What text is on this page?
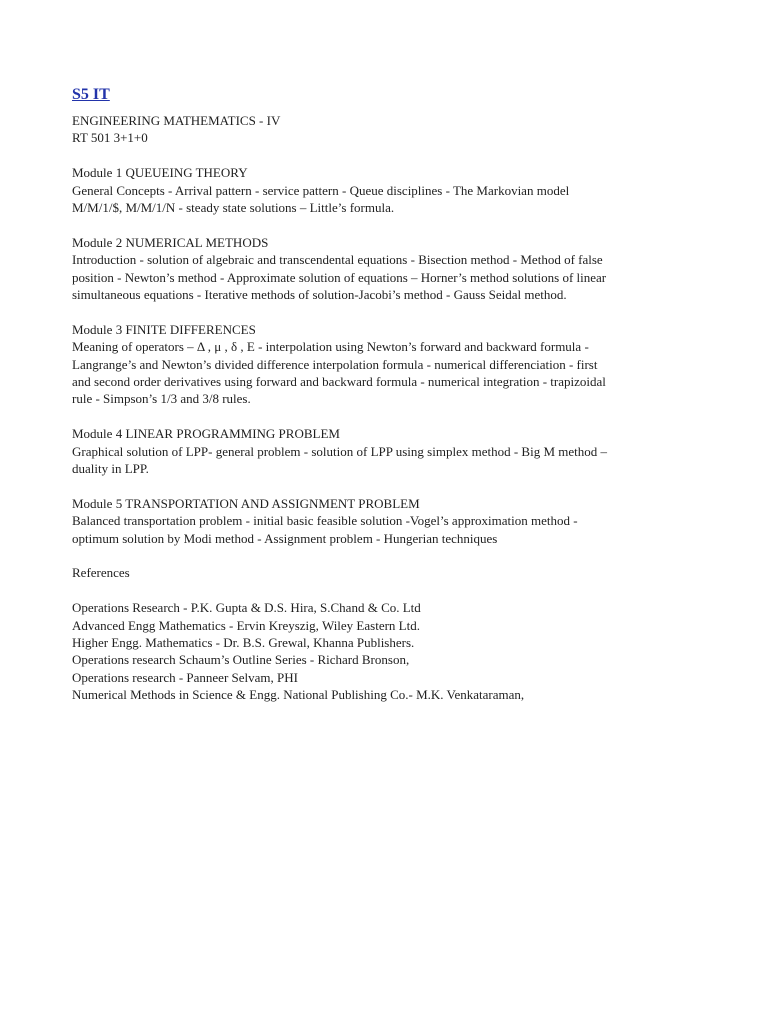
S5 IT
ENGINEERING MATHEMATICS - IV
RT 501 3+1+0
Module 1 QUEUEING THEORY
General Concepts - Arrival pattern - service pattern - Queue disciplines - The Markovian model
M/M/1/$, M/M/1/N - steady state solutions – Little’s formula.
Module 2 NUMERICAL METHODS
Introduction - solution of algebraic and transcendental equations - Bisection method - Method of false
position - Newton’s method - Approximate solution of equations – Horner’s method solutions of linear
simultaneous equations - Iterative methods of solution-Jacobi’s method - Gauss Seidal method.
Module 3 FINITE DIFFERENCES
Meaning of operators – Δ , μ , δ , E - interpolation using Newton’s forward and backward formula -
Langrange’s and Newton’s divided difference interpolation formula - numerical differenciation - first
and second order derivatives using forward and backward formula - numerical integration - trapizoidal
rule - Simpson’s 1/3 and 3/8 rules.
Module 4 LINEAR PROGRAMMING PROBLEM
Graphical solution of LPP- general problem - solution of LPP using simplex method - Big M method –
duality in LPP.
Module 5 TRANSPORTATION AND ASSIGNMENT PROBLEM
Balanced transportation problem - initial basic feasible solution -Vogel’s approximation method -
optimum solution by Modi method - Assignment problem - Hungerian techniques
References
Operations Research - P.K. Gupta & D.S. Hira, S.Chand & Co. Ltd
Advanced Engg Mathematics - Ervin Kreyszig, Wiley Eastern Ltd.
Higher Engg. Mathematics - Dr. B.S. Grewal, Khanna Publishers.
Operations research Schaum’s Outline Series - Richard Bronson,
Operations research - Panneer Selvam, PHI
Numerical Methods in Science & Engg. National Publishing Co.- M.K. Venkataraman,
